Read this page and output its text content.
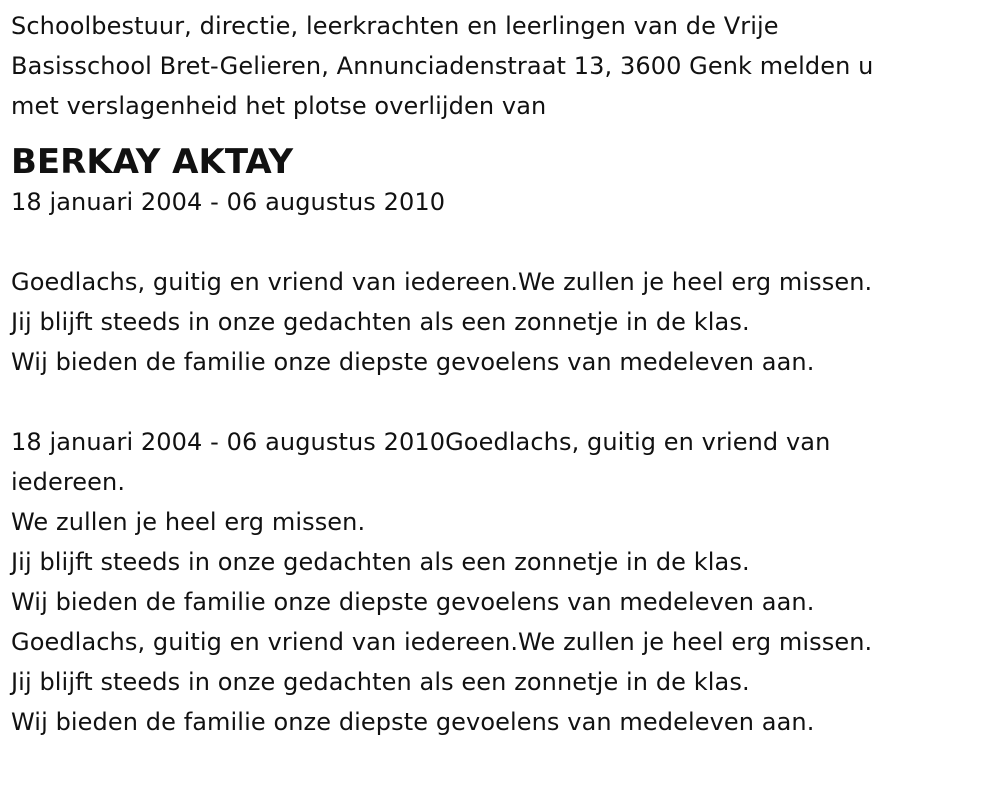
Schoolbestuur, directie, leerkrachten en leerlingen van de Vrije
Basisschool Bret-Gelieren, Annunciadenstraat 13, 3600 Genk melden u
met verslagenheid het plotse overlijden van
BERKAY AKTAY
18 januari 2004 - 06 augustus 2010
Goedlachs, guitig en vriend van iedereen.We zullen je heel erg missen.
Jij blijft steeds in onze gedachten als een zonnetje in de klas.
Wij bieden de familie onze diepste gevoelens van medeleven aan.
18 januari 2004 - 06 augustus 2010Goedlachs, guitig en vriend van
iedereen.
We zullen je heel erg missen.
Jij blijft steeds in onze gedachten als een zonnetje in de klas.
Wij bieden de familie onze diepste gevoelens van medeleven aan.
Goedlachs, guitig en vriend van iedereen.We zullen je heel erg missen.
Jij blijft steeds in onze gedachten als een zonnetje in de klas.
Wij bieden de familie onze diepste gevoelens van medeleven aan.
